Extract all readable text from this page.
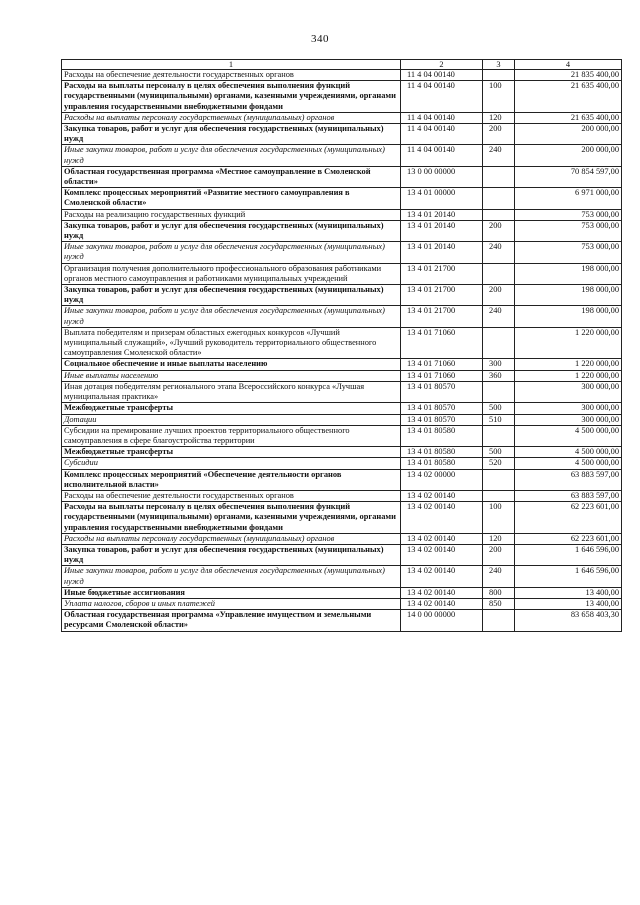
340
1	2	3	4
Расходы на обеспечение деятельности государственных органов	11 4 04 00140		21 835 400,00
Расходы на выплаты персоналу в целях обеспечения выполнения функций государственными (муниципальными) органами, казенными учреждениями, органами управления государственными внебюджетными фондами	11 4 04 00140	100	21 635 400,00
Расходы на выплаты персоналу государственных (муниципальных) органов	11 4 04 00140	120	21 635 400,00
Закупка товаров, работ и услуг для обеспечения государственных (муниципальных) нужд	11 4 04 00140	200	200 000,00
Иные закупки товаров, работ и услуг для обеспечения государственных (муниципальных) нужд	11 4 04 00140	240	200 000,00
Областная государственная программа «Местное самоуправление в Смоленской области»	13 0 00 00000		70 854 597,00
Комплекс процессных мероприятий «Развитие местного самоуправления в Смоленской области»	13 4 01 00000		6 971 000,00
Расходы на реализацию государственных функций	13 4 01 20140		753 000,00
Закупка товаров, работ и услуг для обеспечения государственных (муниципальных) нужд	13 4 01 20140	200	753 000,00
Иные закупки товаров, работ и услуг для обеспечения государственных (муниципальных) нужд	13 4 01 20140	240	753 000,00
Организация получения дополнительного профессионального образования работниками органов местного самоуправления и работниками муниципальных учреждений	13 4 01 21700		198 000,00
Закупка товаров, работ и услуг для обеспечения государственных (муниципальных) нужд	13 4 01 21700	200	198 000,00
Иные закупки товаров, работ и услуг для обеспечения государственных (муниципальных) нужд	13 4 01 21700	240	198 000,00
Выплата победителям и призерам областных ежегодных конкурсов «Лучший муниципальный служащий», «Лучший руководитель территориального общественного самоуправления Смоленской области»	13 4 01 71060		1 220 000,00
Социальное обеспечение и иные выплаты населению	13 4 01 71060	300	1 220 000,00
Иные выплаты населению	13 4 01 71060	360	1 220 000,00
Иная дотация победителям регионального этапа Всероссийского конкурса «Лучшая муниципальная практика»	13 4 01 80570		300 000,00
Межбюджетные трансферты	13 4 01 80570	500	300 000,00
Дотации	13 4 01 80570	510	300 000,00
Субсидии на премирование лучших проектов территориального общественного самоуправления в сфере благоустройства территории	13 4 01 80580		4 500 000,00
Межбюджетные трансферты	13 4 01 80580	500	4 500 000,00
Субсидии	13 4 01 80580	520	4 500 000,00
Комплекс процессных мероприятий «Обеспечение деятельности органов исполнительной власти»	13 4 02 00000		63 883 597,00
Расходы на обеспечение деятельности государственных органов	13 4 02 00140		63 883 597,00
Расходы на выплаты персоналу в целях обеспечения выполнения функций государственными (муниципальными) органами, казенными учреждениями, органами управления государственными внебюджетными фондами	13 4 02 00140	100	62 223 601,00
Расходы на выплаты персоналу государственных (муниципальных) органов	13 4 02 00140	120	62 223 601,00
Закупка товаров, работ и услуг для обеспечения государственных (муниципальных) нужд	13 4 02 00140	200	1 646 596,00
Иные закупки товаров, работ и услуг для обеспечения государственных (муниципальных) нужд	13 4 02 00140	240	1 646 596,00
Иные бюджетные ассигнования	13 4 02 00140	800	13 400,00
Уплата налогов, сборов и иных платежей	13 4 02 00140	850	13 400,00
Областная государственная программа «Управление имуществом и земельными ресурсами Смоленской области»	14 0 00 00000		83 658 403,30
